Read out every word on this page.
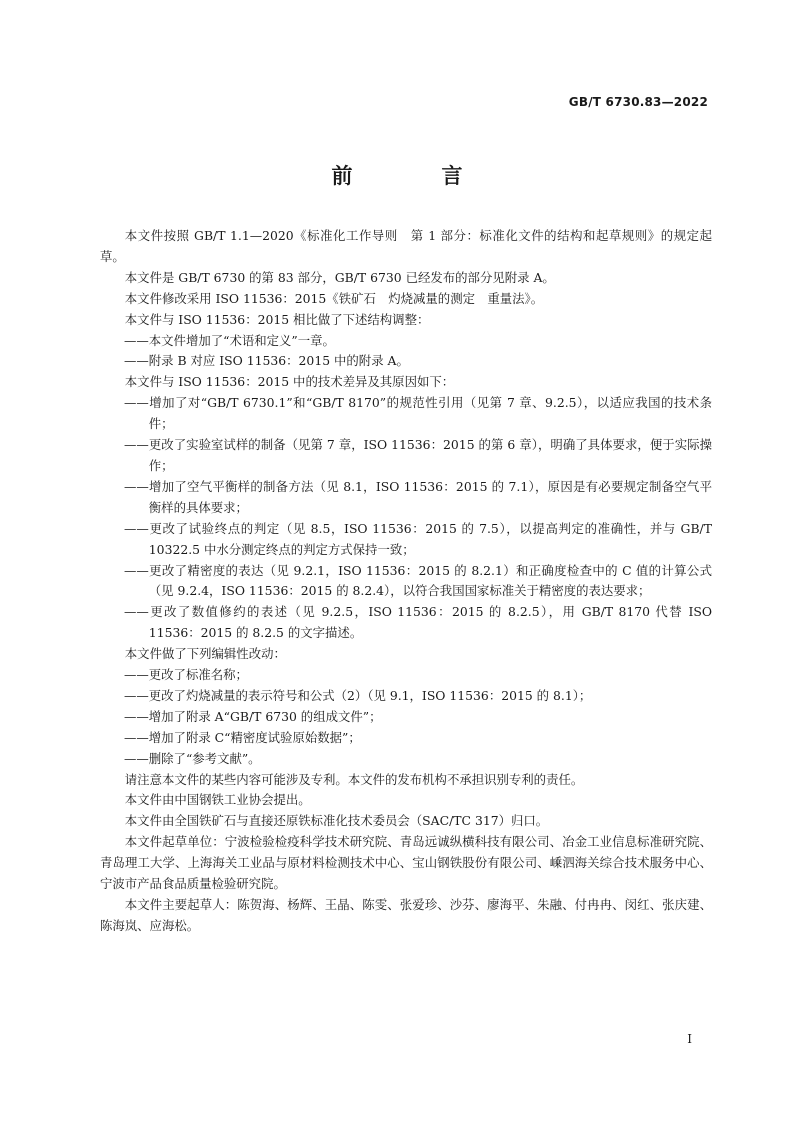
GB/T 6730.83—2022
前　言

本文件按照 GB/T 1.1—2020《标准化工作导则　第 1 部分：标准化文件的结构和起草规则》的规定起草。

本文件是 GB/T 6730 的第 83 部分，GB/T 6730 已经发布的部分见附录 A。

本文件修改采用 ISO 11536：2015《铁矿石　灼烧减量的测定　重量法》。

本文件与 ISO 11536：2015 相比做了下述结构调整：

——本文件增加了“术语和定义”一章。

——附录 B 对应 ISO 11536：2015 中的附录 A。

本文件与 ISO 11536：2015 中的技术差异及其原因如下：

——增加了对“GB/T 6730.1”和“GB/T 8170”的规范性引用（见第 7 章、9.2.5），以适应我国的技术条件；

——更改了实验室试样的制备（见第 7 章，ISO 11536：2015 的第 6 章），明确了具体要求，便于实际操作；

——增加了空气平衡样的制备方法（见 8.1，ISO 11536：2015 的 7.1），原因是有必要规定制备空气平衡样的具体要求；

——更改了试验终点的判定（见 8.5，ISO 11536：2015 的 7.5），以提高判定的准确性，并与 GB/T 10322.5 中水分测定终点的判定方式保持一致；

——更改了精密度的表达（见 9.2.1，ISO 11536：2015 的 8.2.1）和正确度检查中的 C 值的计算公式（见 9.2.4，ISO 11536：2015 的 8.2.4），以符合我国国家标准关于精密度的表达要求；

——更改了数值修约的表述（见 9.2.5，ISO 11536：2015 的 8.2.5），用 GB/T 8170 代替 ISO 11536：2015 的 8.2.5 的文字描述。

本文件做了下列编辑性改动：

——更改了标准名称；

——更改了灼烧减量的表示符号和公式（2）（见 9.1，ISO 11536：2015 的 8.1）；

——增加了附录 A“GB/T 6730 的组成文件”；

——增加了附录 C“精密度试验原始数据”；

——删除了“参考文献”。

请注意本文件的某些内容可能涉及专利。本文件的发布机构不承担识别专利的责任。

本文件由中国钢铁工业协会提出。

本文件由全国铁矿石与直接还原铁标准化技术委员会（SAC/TC 317）归口。

本文件起草单位：宁波检验检疫科学技术研究院、青岛远诚纵横科技有限公司、冶金工业信息标准研究院、青岛理工大学、上海海关工业品与原材料检测技术中心、宝山钢铁股份有限公司、嵊泗海关综合技术服务中心、宁波市产品食品质量检验研究院。

本文件主要起草人：陈贺海、杨辉、王晶、陈雯、张爱珍、沙芬、廖海平、朱融、付冉冉、闵红、张庆建、陈海岚、应海松。

I
